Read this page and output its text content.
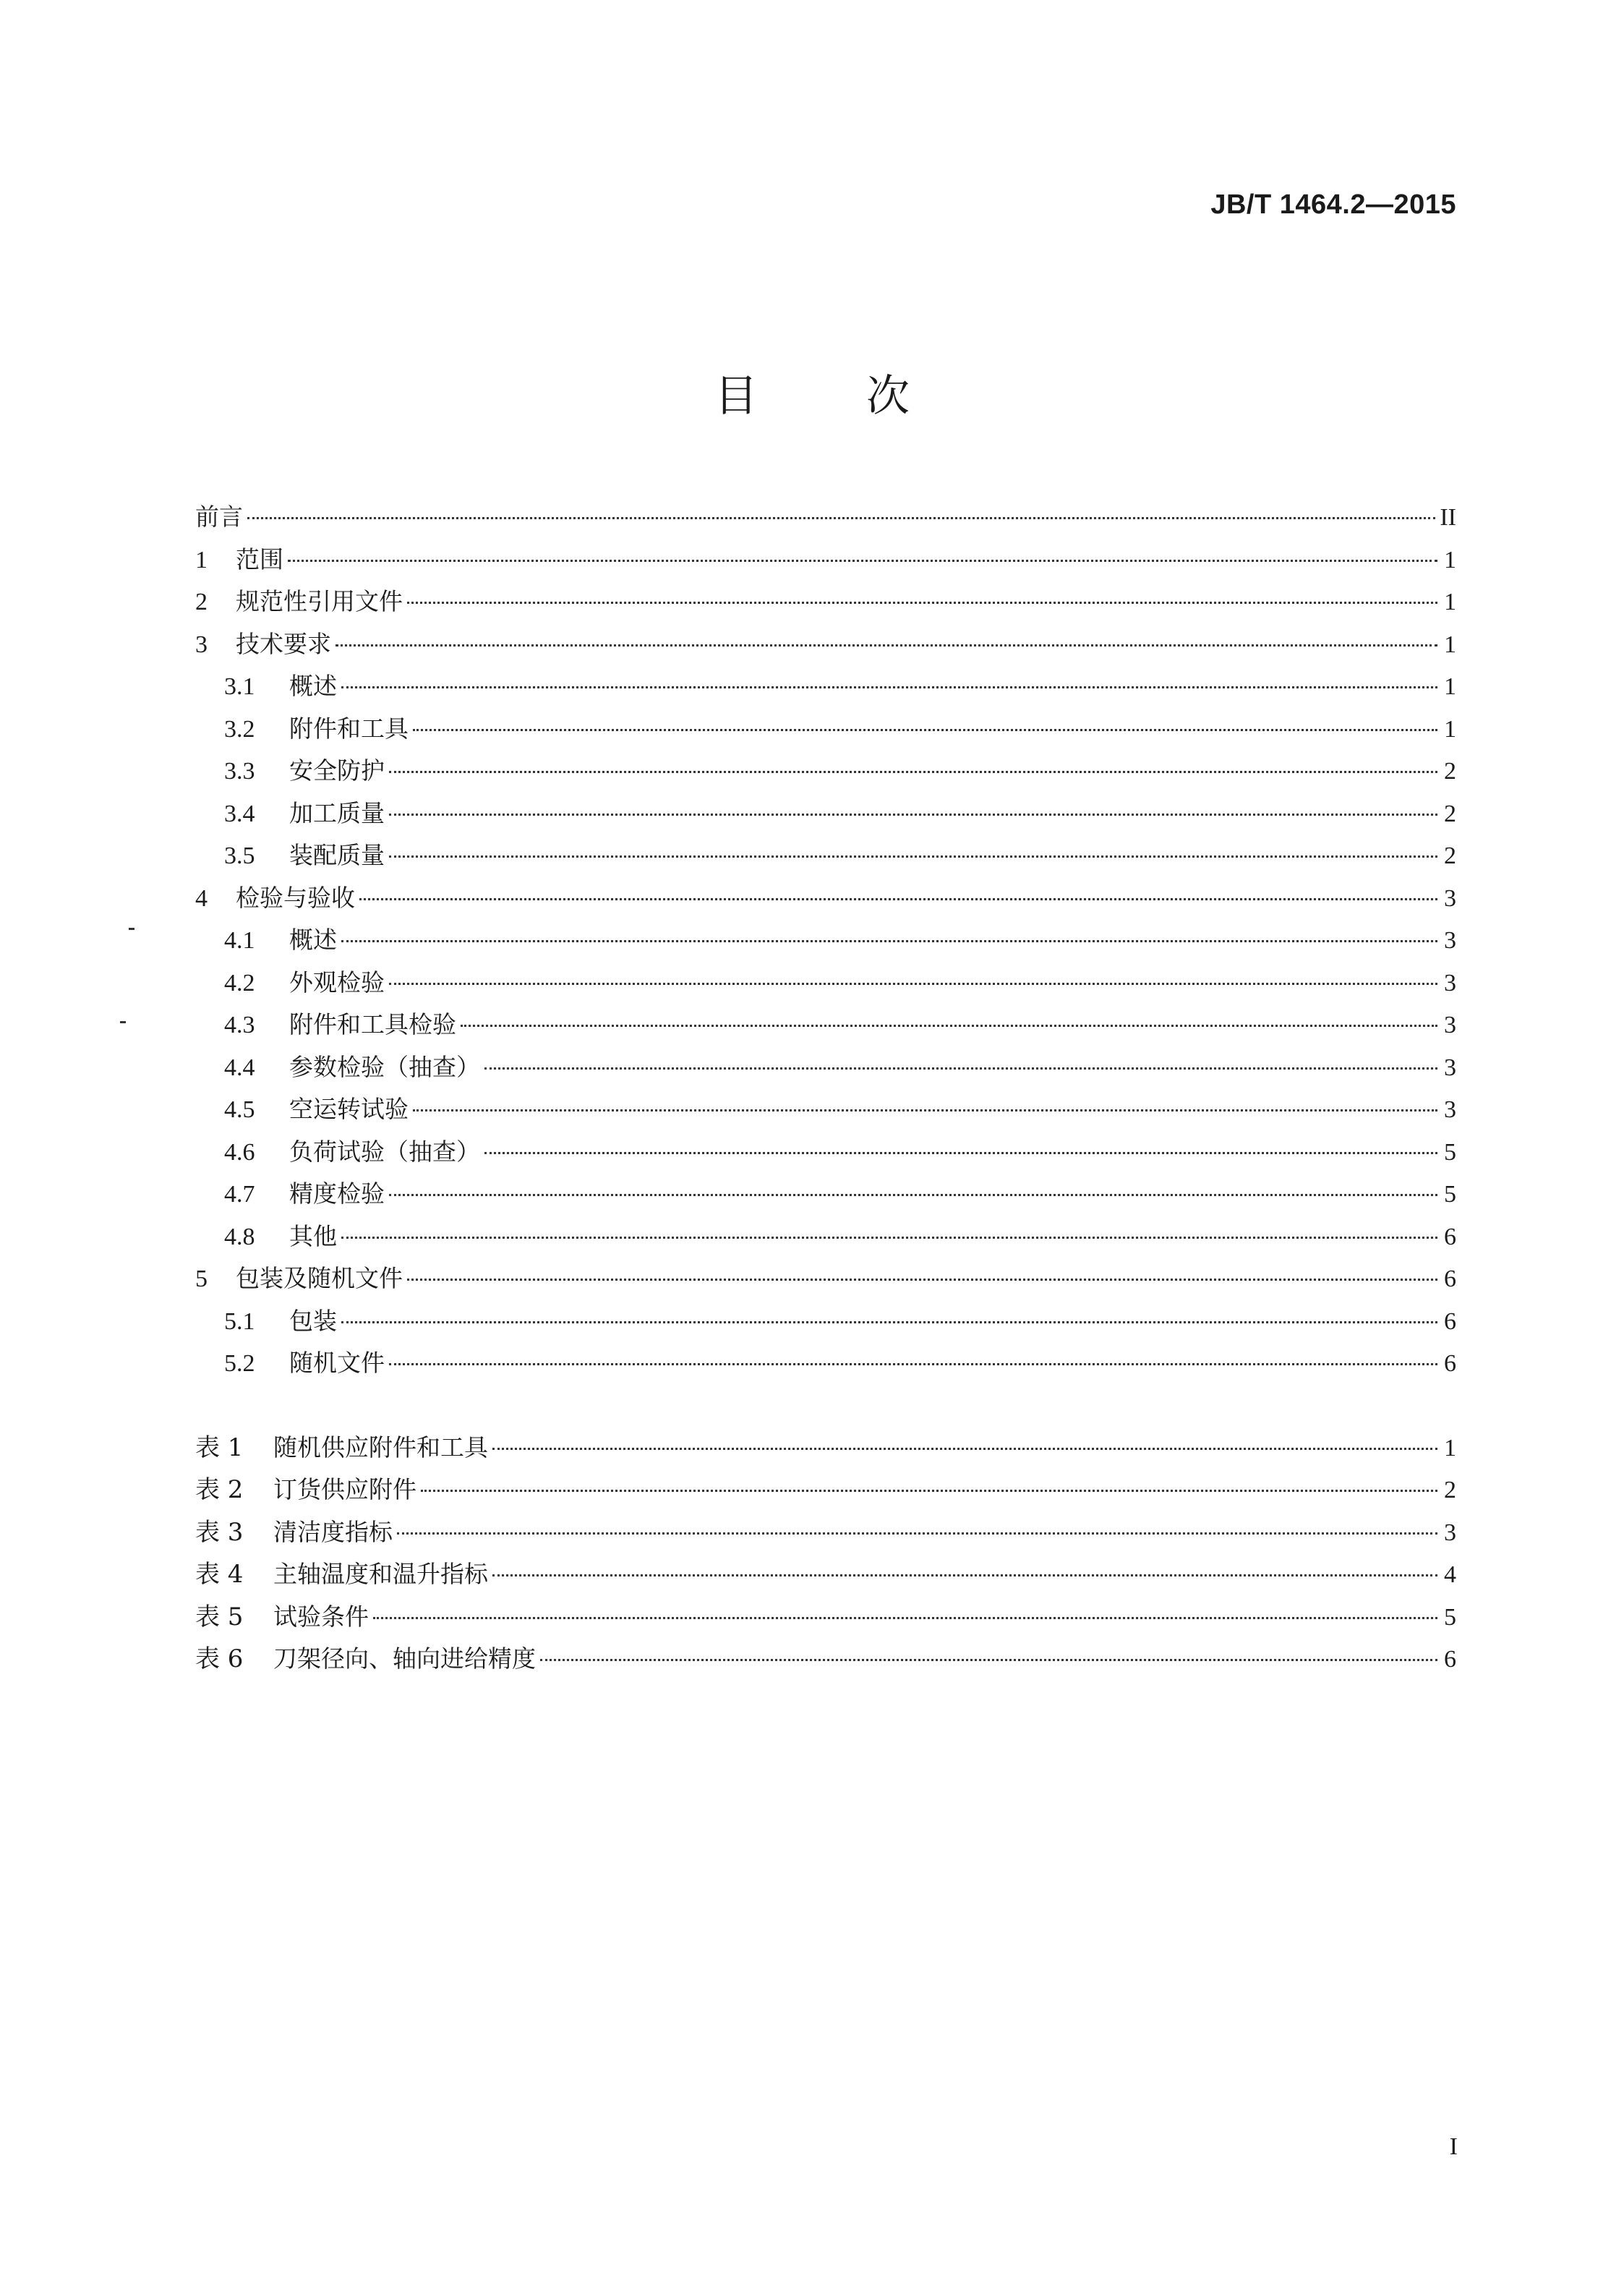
JB/T 1464.2—2015
目次
前言	II
1	范围	1
2	规范性引用文件	1
3	技术要求	1
3.1	概述	1
3.2	附件和工具	1
3.3	安全防护	2
3.4	加工质量	2
3.5	装配质量	2
4	检验与验收	3
4.1	概述	3
4.2	外观检验	3
4.3	附件和工具检验	3
4.4	参数检验（抽查）	3
4.5	空运转试验	3
4.6	负荷试验（抽查）	5
4.7	精度检验	5
4.8	其他	6
5	包装及随机文件	6
5.1	包装	6
5.2	随机文件	6
表 1	随机供应附件和工具	1
表 2	订货供应附件	2
表 3	清洁度指标	3
表 4	主轴温度和温升指标	4
表 5	试验条件	5
表 6	刀架径向、轴向进给精度	6
I
